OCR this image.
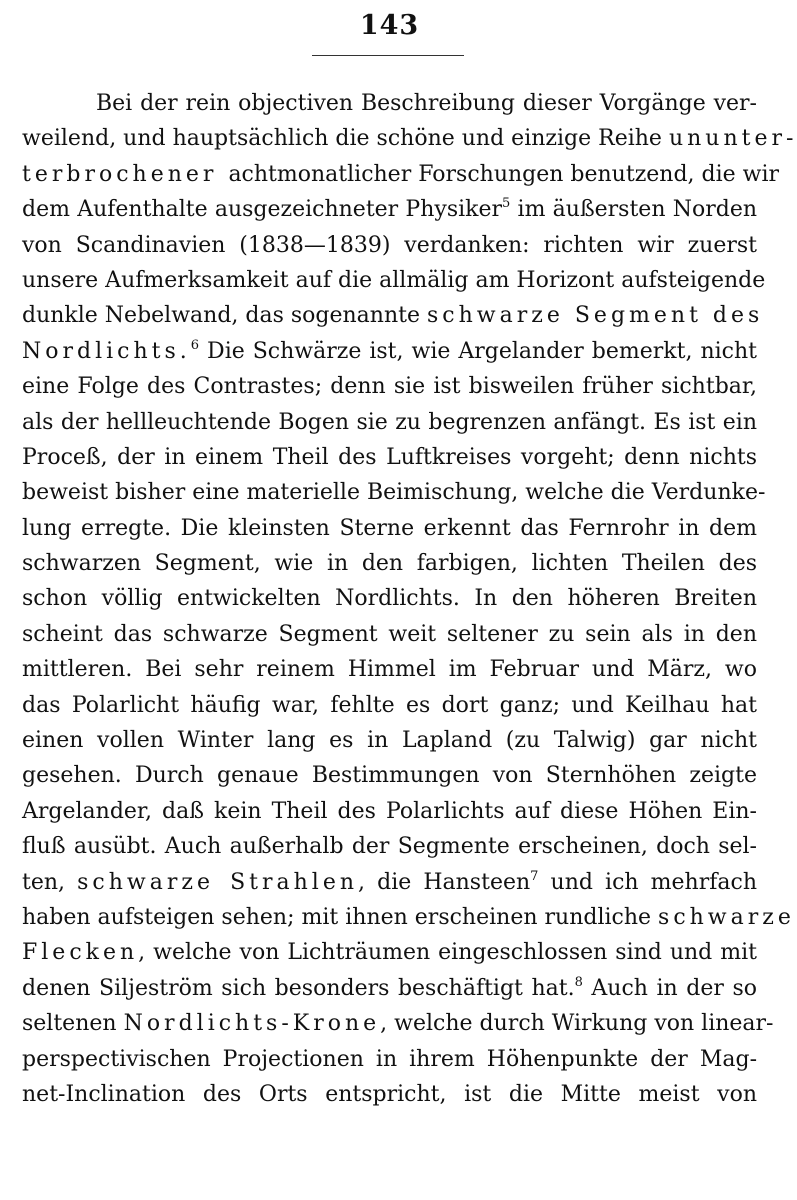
143
Bei der rein objectiven Beschreibung dieser Vorgänge ver-
weilend, und hauptsächlich die schöne und einzige Reihe ununter-
terbrochener achtmonatlicher Forschungen benutzend, die wir
dem Aufenthalte ausgezeichneter Physiker$^5$ im äußersten Norden
von Scandinavien (1838—1839) verdanken: richten wir zuerst
unsere Aufmerksamkeit auf die allmälig am Horizont aufsteigende
dunkle Nebelwand, das sogenannte schwarze Segment des
Nordlichts.$^6$ Die Schwärze ist, wie Argelander bemerkt, nicht
eine Folge des Contrastes; denn sie ist bisweilen früher sichtbar,
als der hellleuchtende Bogen sie zu begrenzen anfängt. Es ist ein
Proceß, der in einem Theil des Luftkreises vorgeht; denn nichts
beweist bisher eine materielle Beimischung, welche die Verdunke-
lung erregte. Die kleinsten Sterne erkennt das Fernrohr in dem
schwarzen Segment, wie in den farbigen, lichten Theilen des
schon völlig entwickelten Nordlichts. In den höheren Breiten
scheint das schwarze Segment weit seltener zu sein als in den
mittleren. Bei sehr reinem Himmel im Februar und März, wo
das Polarlicht häufig war, fehlte es dort ganz; und Keilhau hat
einen vollen Winter lang es in Lapland (zu Talwig) gar nicht
gesehen. Durch genaue Bestimmungen von Sternhöhen zeigte
Argelander, daß kein Theil des Polarlichts auf diese Höhen Ein-
fluß ausübt. Auch außerhalb der Segmente erscheinen, doch sel-
ten, schwarze Strahlen, die Hansteen$^7$ und ich mehrfach
haben aufsteigen sehen; mit ihnen erscheinen rundliche schwarze
Flecken, welche von Lichträumen eingeschlossen sind und mit
denen Siljeström sich besonders beschäftigt hat.$^8$ Auch in der so
seltenen Nordlichts-Krone, welche durch Wirkung von linear-
perspectivischen Projectionen in ihrem Höhenpunkte der Mag-
net-Inclination des Orts entspricht, ist die Mitte meist von
